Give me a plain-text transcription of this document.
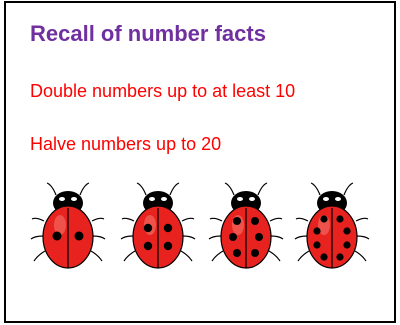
Recall of number facts

Double numbers up to at least 10

Halve numbers up to 20
